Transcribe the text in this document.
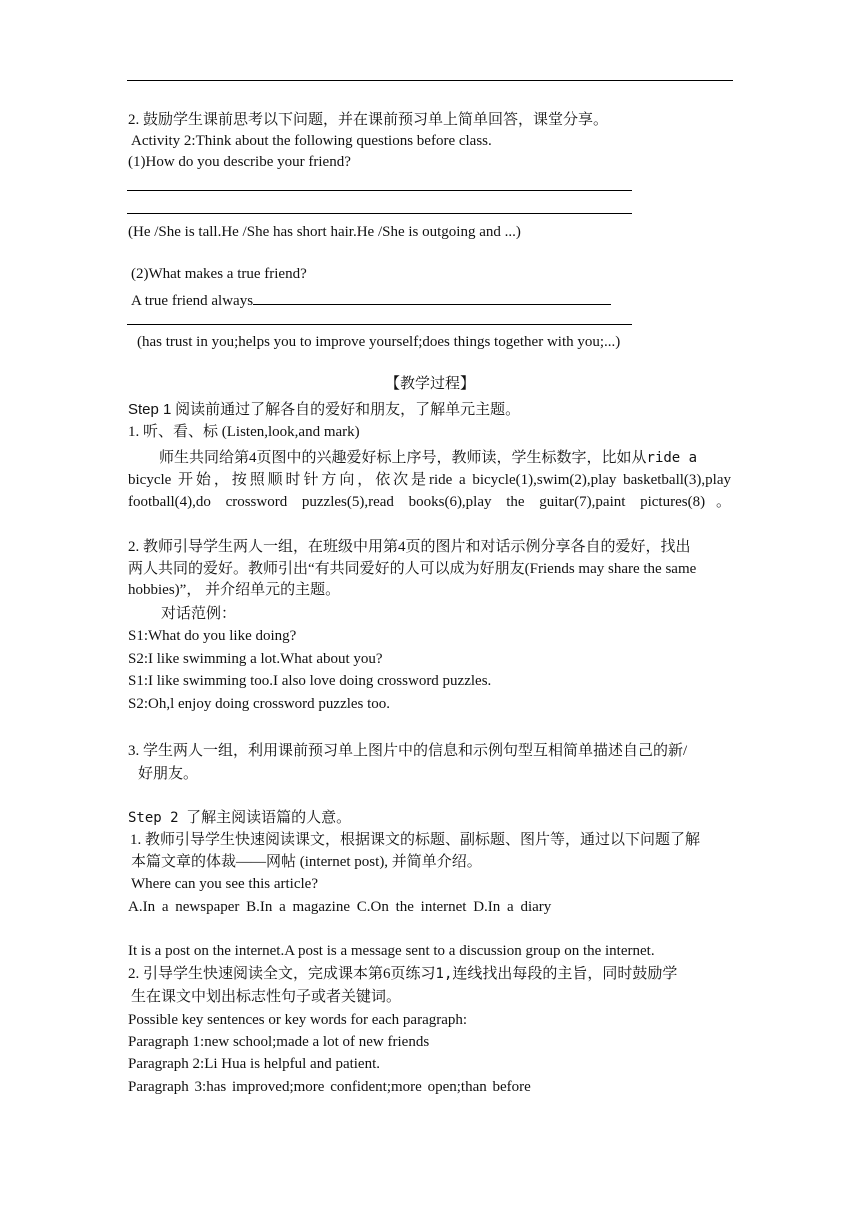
2. 鼓励学生课前思考以下问题，并在课前预习单上简单回答，课堂分享。
Activity 2:Think about the following questions before class.
(1)How do you describe your friend?
(He /She is tall.He /She has short hair.He /She is outgoing and ...)
(2)What makes a true friend?
A true friend always
(has trust in you;helps you to improve yourself;does things together with you;...)
【教学过程】
Step 1 阅读前通过了解各自的爱好和朋友，了解单元主题。
1. 听、看、标 (Listen,look,and mark)
师生共同给第4页图中的兴趣爱好标上序号，教师读，学生标数字，比如从ride a
bicycle 开始，按照顺时针方向，依次是ride a bicycle(1),swim(2),play basketball(3),play
football(4),do crossword puzzles(5),read books(6),play the guitar(7),paint pictures(8)。
2. 教师引导学生两人一组，在班级中用第4页的图片和对话示例分享各自的爱好，找出
两人共同的爱好。教师引出“有共同爱好的人可以成为好朋友(Friends may share the same
hobbies)”， 并介绍单元的主题。
对话范例：
S1:What do you like doing?
S2:I like swimming a lot.What about you?
S1:I like swimming too.I also love doing crossword puzzles.
S2:Oh,l enjoy doing crossword puzzles too.
3. 学生两人一组，利用课前预习单上图片中的信息和示例句型互相简单描述自己的新/
好朋友。
Step 2 了解主阅读语篇的人意。
1. 教师引导学生快速阅读课文，根据课文的标题、副标题、图片等，通过以下问题了解
本篇文章的体裁——网帖 (internet post), 并简单介绍。
Where can you see this article?
A.In a newspaper B.In a magazine C.On the internet D.In a diary
It is a post on the internet.A post is a message sent to a discussion group on the internet.
2. 引导学生快速阅读全文，完成课本第6页练习1,连线找出每段的主旨，同时鼓励学
生在课文中划出标志性句子或者关键词。
Possible key sentences or key words for each paragraph:
Paragraph 1:new school;made a lot of new friends
Paragraph 2:Li Hua is helpful and patient.
Paragraph 3:has improved;more confident;more open;than before
